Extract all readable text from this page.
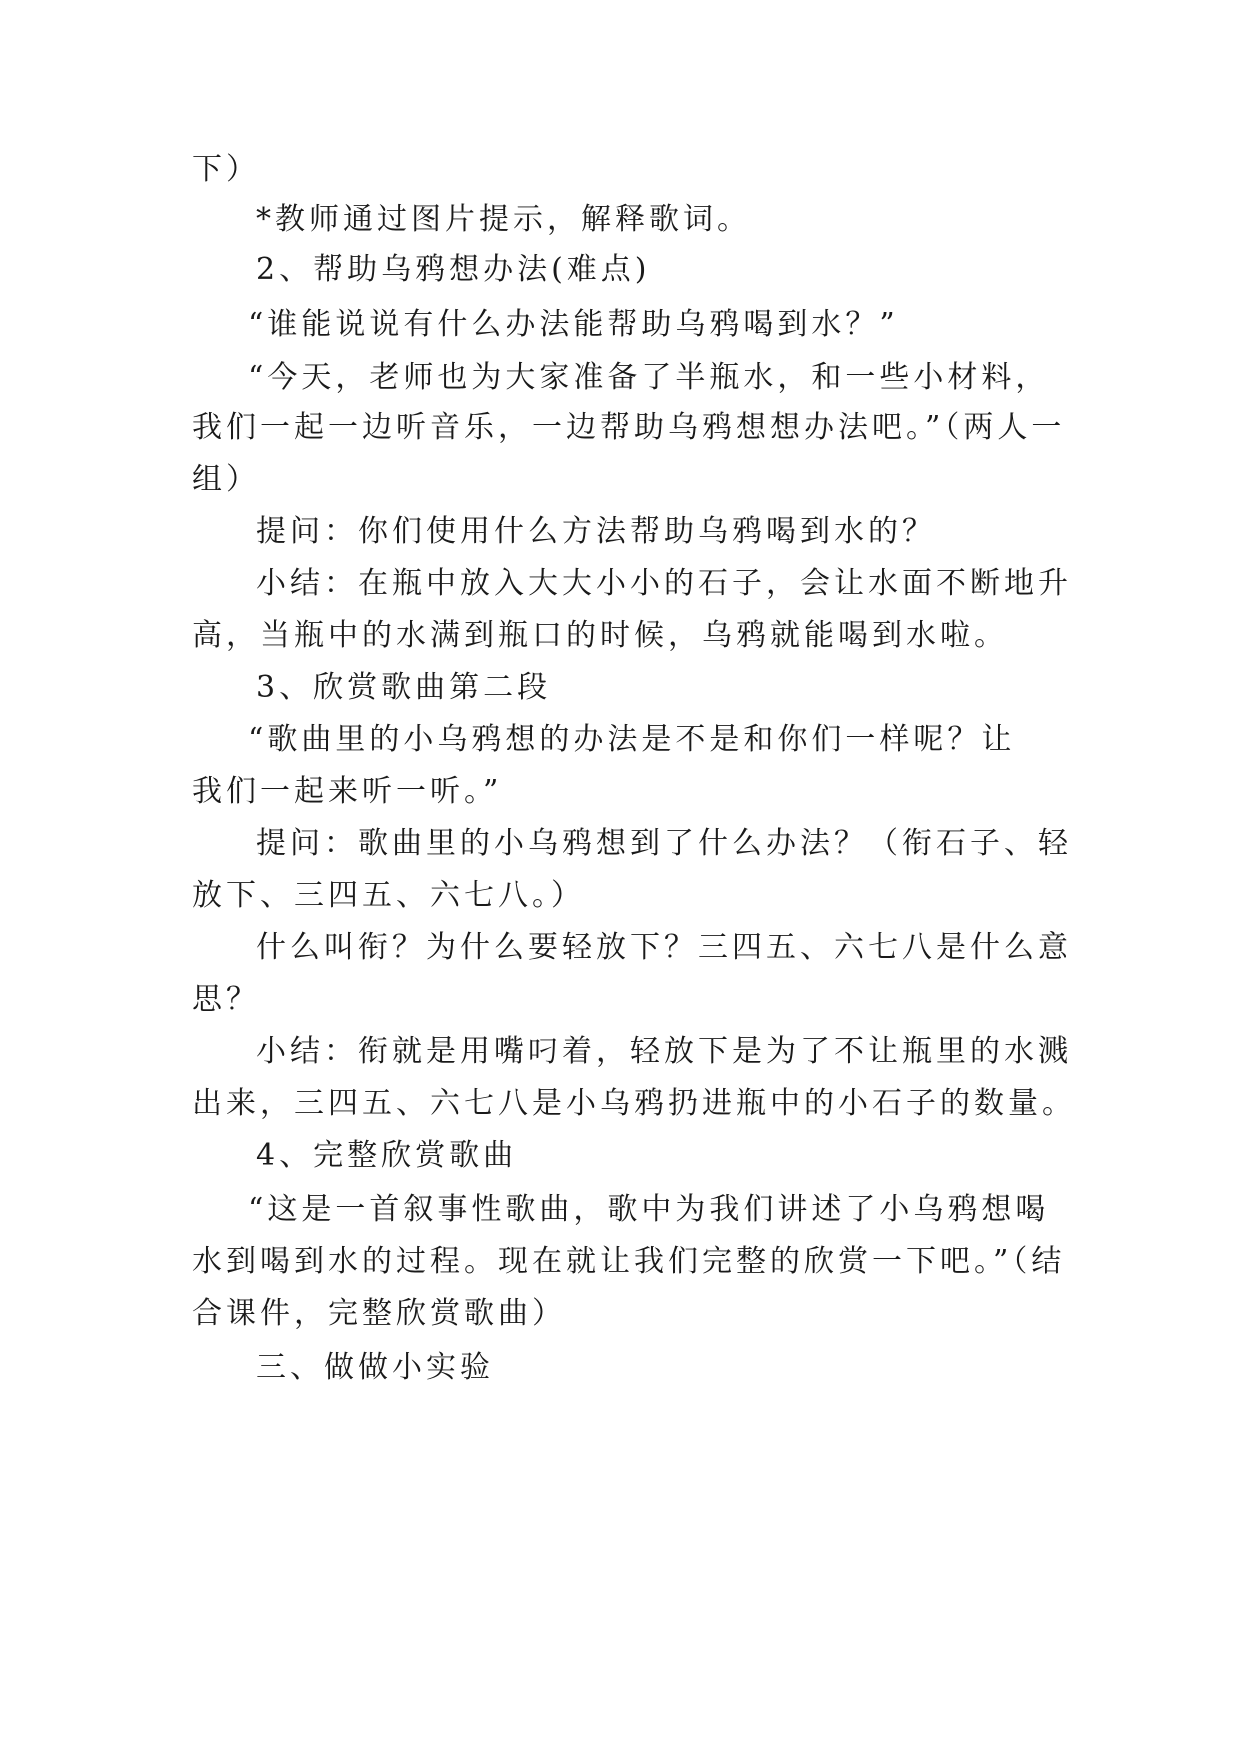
下）
*教师通过图片提示，解释歌词。
2、帮助乌鸦想办法(难点)
“谁能说说有什么办法能帮助乌鸦喝到水？”
“今天，老师也为大家准备了半瓶水，和一些小材料，
我们一起一边听音乐，一边帮助乌鸦想想办法吧。”（两人一
组）
提问：你们使用什么方法帮助乌鸦喝到水的？
小结：在瓶中放入大大小小的石子，会让水面不断地升
高，当瓶中的水满到瓶口的时候，乌鸦就能喝到水啦。
3、欣赏歌曲第二段
“歌曲里的小乌鸦想的办法是不是和你们一样呢？让
我们一起来听一听。”
提问：歌曲里的小乌鸦想到了什么办法？（衔石子、轻
放下、三四五、六七八。）
什么叫衔？为什么要轻放下？三四五、六七八是什么意
思？
小结：衔就是用嘴叼着，轻放下是为了不让瓶里的水溅
出来，三四五、六七八是小乌鸦扔进瓶中的小石子的数量。
4、完整欣赏歌曲
“这是一首叙事性歌曲，歌中为我们讲述了小乌鸦想喝
水到喝到水的过程。现在就让我们完整的欣赏一下吧。”（结
合课件，完整欣赏歌曲）
三、做做小实验
